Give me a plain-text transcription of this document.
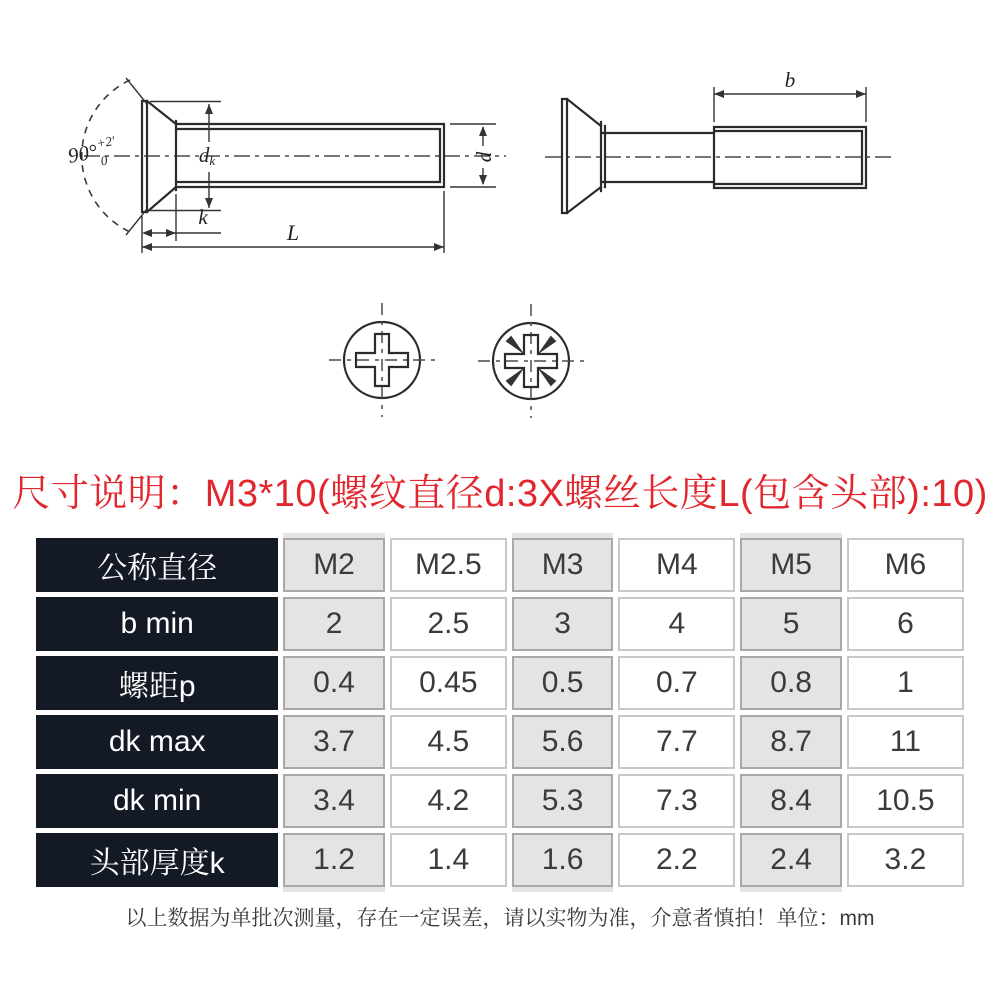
90°
+2′
0	dk
k
L
d
b
尺寸说明：M3*10(螺纹直径d:3X螺丝长度L(包含头部):10)
公称直径	M2	M2.5	M3	M4	M5	M6
b min	2	2.5	3	4	5	6
螺距p	0.4	0.45	0.5	0.7	0.8	1
dk max	3.7	4.5	5.6	7.7	8.7	11
dk min	3.4	4.2	5.3	7.3	8.4	10.5
头部厚度k	1.2	1.4	1.6	2.2	2.4	3.2
以上数据为单批次测量，存在一定误差，请以实物为准，介意者慎拍！单位：mm
